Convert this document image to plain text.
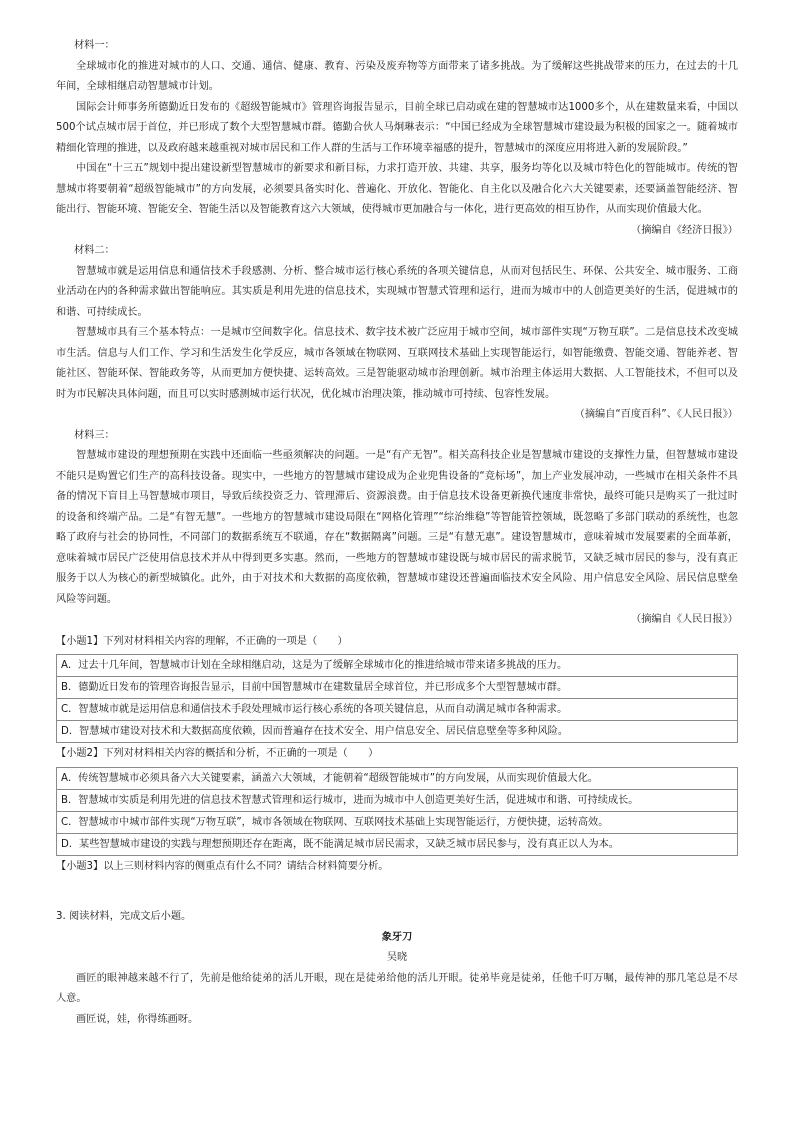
材料一：

全球城市化的推进对城市的人口、交通、通信、健康、教育、污染及废弃物等方面带来了诸多挑战。为了缓解这些挑战带来的压力，在过去的十几年间，全球相继启动智慧城市计划。

国际会计师事务所德勤近日发布的《超级智能城市》管理咨询报告显示，目前全球已启动或在建的智慧城市达1000多个，从在建数量来看，中国以500个试点城市居于首位，并已形成了数个大型智慧城市群。德勤合伙人马炯琳表示：“中国已经成为全球智慧城市建设最为积极的国家之一。随着城市精细化管理的推进，以及政府越来越重视对城市居民和工作人群的生活与工作环境幸福感的提升，智慧城市的深度应用将进入新的发展阶段。”

中国在“十三五”规划中提出建设新型智慧城市的新要求和新目标，力求打造开放、共建、共享，服务均等化以及城市特色化的智能城市。传统的智慧城市将要朝着“超级智能城市”的方向发展，必须要具备实时化、普遍化、开放化、智能化、自主化以及融合化六大关键要素，还要涵盖智能经济、智能出行、智能环境、智能安全、智能生活以及智能教育这六大领域，使得城市更加融合与一体化，进行更高效的相互协作，从而实现价值最大化。

（摘编自《经济日报》）

材料二：

智慧城市就是运用信息和通信技术手段感测、分析、整合城市运行核心系统的各项关键信息，从而对包括民生、环保、公共安全、城市服务、工商业活动在内的各种需求做出智能响应。其实质是利用先进的信息技术，实现城市智慧式管理和运行，进而为城市中的人创造更美好的生活，促进城市的和谐、可持续成长。

智慧城市具有三个基本特点：一是城市空间数字化。信息技术、数字技术被广泛应用于城市空间，城市部件实现“万物互联”。二是信息技术改变城市生活。信息与人们工作、学习和生活发生化学反应，城市各领域在物联网、互联网技术基础上实现智能运行，如智能缴费、智能交通、智能养老、智能社区、智能环保、智能政务等，从而更加方便快捷、运转高效。三是智能驱动城市治理创新。城市治理主体运用大数据、人工智能技术，不但可以及时为市民解决具体问题，而且可以实时感测城市运行状况，优化城市治理决策，推动城市可持续、包容性发展。

（摘编自“百度百科”、《人民日报》）

材料三：

智慧城市建设的理想预期在实践中还面临一些亟须解决的问题。一是“有产无智”。相关高科技企业是智慧城市建设的支撑性力量，但智慧城市建设不能只是购置它们生产的高科技设备。现实中，一些地方的智慧城市建设成为企业兜售设备的“竞标场”，加上产业发展冲动，一些城市在相关条件不具备的情况下盲目上马智慧城市项目，导致后续投资乏力、管理滞后、资源浪费。由于信息技术设备更新换代速度非常快，最终可能只是购买了一批过时的设备和终端产品。二是“有智无慧”。一些地方的智慧城市建设局限在“网格化管理”“综治维稳”等智能管控领域，既忽略了多部门联动的系统性，也忽略了政府与社会的协同性，不同部门的数据系统互不联通，存在“数据隔离”问题。三是“有慧无惠”。建设智慧城市，意味着城市发展要素的全面革新，意味着城市居民广泛使用信息技术并从中得到更多实惠。然而，一些地方的智慧城市建设既与城市居民的需求脱节，又缺乏城市居民的参与，没有真正服务于以人为核心的新型城镇化。此外，由于对技术和大数据的高度依赖，智慧城市建设还普遍面临技术安全风险、用户信息安全风险、居民信息壁垒风险等问题。

（摘编自《人民日报》）

【小题1】下列对材料相关内容的理解，不正确的一项是（　　）

A．过去十几年间，智慧城市计划在全球相继启动，这是为了缓解全球城市化的推进给城市带来诸多挑战的压力。
B．德勤近日发布的管理咨询报告显示，目前中国智慧城市在建数量居全球首位，并已形成多个大型智慧城市群。
C．智慧城市就是运用信息和通信技术手段处理城市运行核心系统的各项关键信息，从而自动满足城市各种需求。
D．智慧城市建设对技术和大数据高度依赖，因而普遍存在技术安全、用户信息安全、居民信息壁垒等多种风险。

【小题2】下列对材料相关内容的概括和分析，不正确的一项是（　　）

A．传统智慧城市必须具备六大关键要素，涵盖六大领域，才能朝着“超级智能城市”的方向发展，从而实现价值最大化。
B．智慧城市实质是利用先进的信息技术智慧式管理和运行城市，进而为城市中人创造更美好生活，促进城市和谐、可持续成长。
C．智慧城市中城市部件实现“万物互联”，城市各领域在物联网、互联网技术基础上实现智能运行，方便快捷，运转高效。
D．某些智慧城市建设的实践与理想预期还存在距离，既不能满足城市居民需求，又缺乏城市居民参与，没有真正以人为本。

【小题3】以上三则材料内容的侧重点有什么不同？请结合材料简要分析。

3. 阅读材料，完成文后小题。

象牙刀

吴晓

画匠的眼神越来越不行了，先前是他给徒弟的活儿开眼，现在是徒弟给他的活儿开眼。徒弟毕竟是徒弟，任他千叮万嘱，最传神的那几笔总是不尽人意。

画匠说，娃，你得练画呀。
